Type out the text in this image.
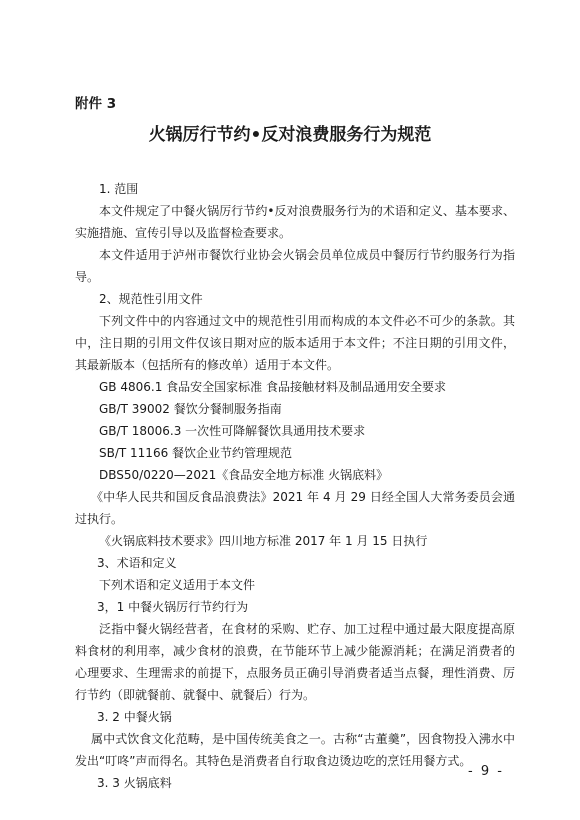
附件 3
火锅厉行节约•反对浪费服务行为规范

1. 范围

本文件规定了中餐火锅厉行节约•反对浪费服务行为的术语和定义、基本要求、实施措施、宣传引导以及监督检查要求。

本文件适用于泸州市餐饮行业协会火锅会员单位成员中餐厉行节约服务行为指导。

2、规范性引用文件

下列文件中的内容通过文中的规范性引用而构成的本文件必不可少的条款。其中，注日期的引用文件仅该日期对应的版本适用于本文件；不注日期的引用文件，其最新版本（包括所有的修改单）适用于本文件。

GB 4806.1 食品安全国家标准 食品接触材料及制品通用安全要求

GB/T 39002 餐饮分餐制服务指南

GB/T 18006.3 一次性可降解餐饮具通用技术要求

SB/T 11166 餐饮企业节约管理规范

DBS50/0220—2021《食品安全地方标准 火锅底料》

《中华人民共和国反食品浪费法》2021 年 4 月 29 日经全国人大常务委员会通过执行。

《火锅底料技术要求》四川地方标准 2017 年 1 月 15 日执行

3、术语和定义

下列术语和定义适用于本文件

3，1 中餐火锅厉行节约行为

泛指中餐火锅经营者，在食材的采购、贮存、加工过程中通过最大限度提高原料食材的利用率，减少食材的浪费，在节能环节上减少能源消耗；在满足消费者的心理要求、生理需求的前提下，点服务员正确引导消费者适当点餐，理性消费、厉行节约（即就餐前、就餐中、就餐后）行为。

3. 2 中餐火锅

属中式饮食文化范畴，是中国传统美食之一。古称“古董羹”，因食物投入沸水中发出“叮咚”声而得名。其特色是消费者自行取食边烫边吃的烹饪用餐方式。

3. 3 火锅底料

- 9 -
